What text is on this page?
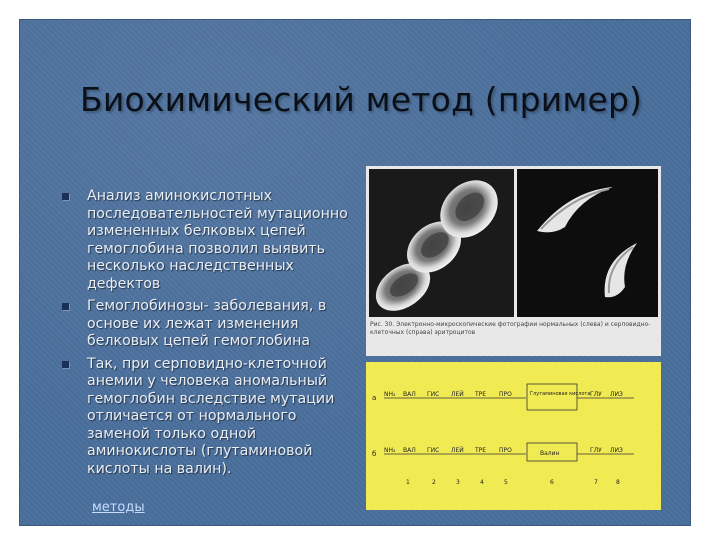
Биохимический метод (пример)
Анализ аминокислотных последовательностей мутационно измененных белковых цепей гемоглобина позволил выявить несколько наследственных дефектов
Гемоглобинозы- заболевания, в основе их лежат изменения белковых цепей гемоглобина
Так, при серповидно-клеточной анемии у человека аномальный гемоглобин вследствие мутации отличается от нормального заменой только одной аминокислоты (глутаминовой кислоты на валин).
методы
Рис. 30. Электронно-микроскопические фотографии нормальных (слева) и серповидно-клеточных (справа) эритроцитов
а NH₂ ВАЛ ГИС ЛЕЙ ТРЕ ПРО	Глутаминовая кислота ГЛУ ЛИЗ
б NH₂ ВАЛ ГИС ЛЕЙ ТРЕ ПРО	Валин	ГЛУ ЛИЗ
1	2	3	4	5	6	7	8
